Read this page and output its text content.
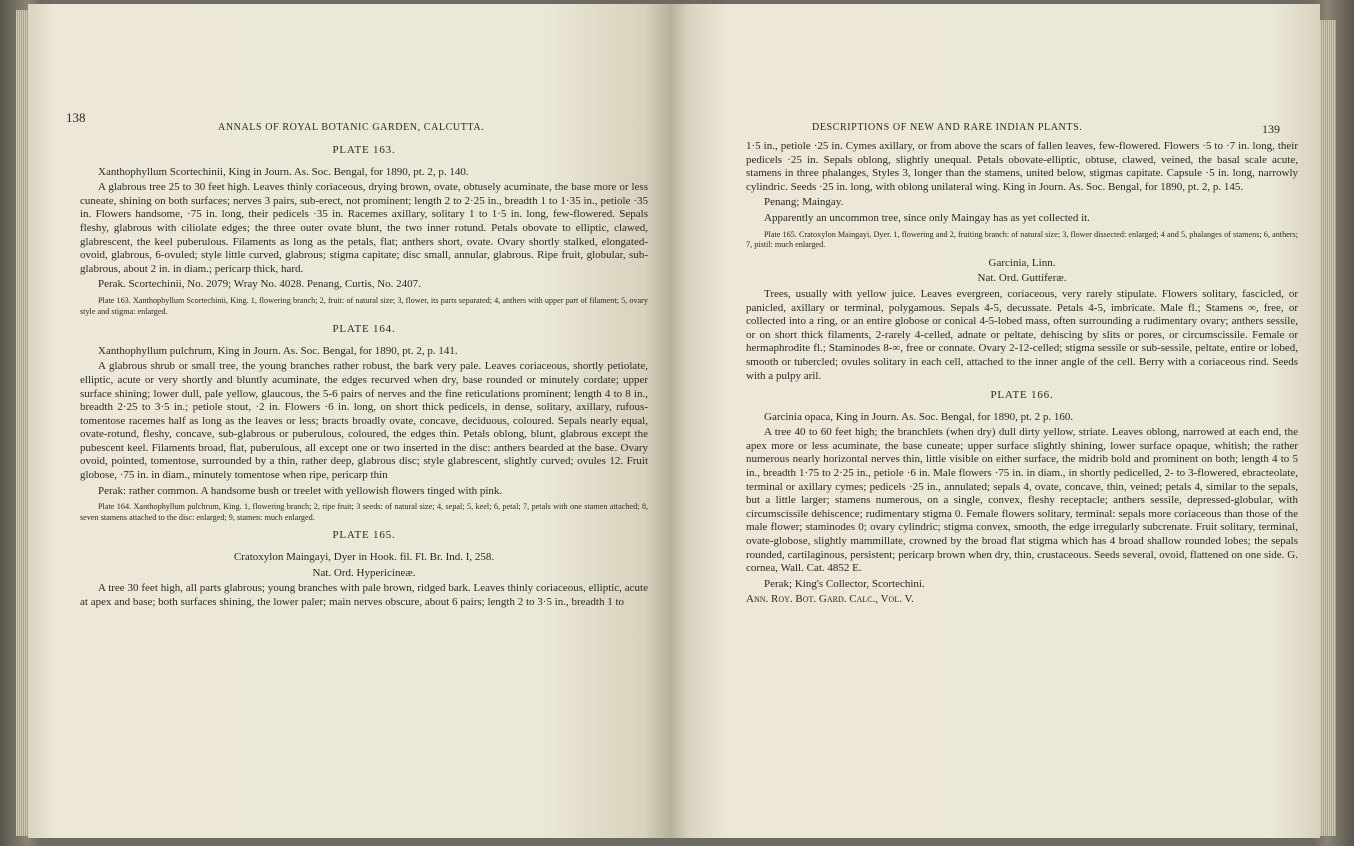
138
ANNALS OF ROYAL BOTANIC GARDEN, CALCUTTA.

PLATE 163.

Xanthophyllum Scortechinii, King in Journ. As. Soc. Bengal, for 1890, pt. 2, p. 140.

A glabrous tree 25 to 30 feet high. Leaves thinly coriaceous, drying brown, ovate, obtusely acuminate, the base more or less cuneate, shining on both surfaces; nerves 3 pairs, sub-erect, not prominent; length 2 to 2·25 in., breadth 1 to 1·35 in., petiole ·35 in. Flowers handsome, ·75 in. long, their pedicels ·35 in. Racemes axillary, solitary 1 to 1·5 in. long, few-flowered. Sepals fleshy, glabrous with ciliolate edges; the three outer ovate blunt, the two inner rotund. Petals obovate to elliptic, clawed, glabrescent, the keel puberulous. Filaments as long as the petals, flat; anthers short, ovate. Ovary shortly stalked, elongated-ovoid, glabrous, 6-ovuled; style little curved, glabrous; stigma capitate; disc small, annular, glabrous. Ripe fruit, globular, sub-glabrous, about 2 in. in diam.; pericarp thick, hard.

Perak. Scortechinii, No. 2079; Wray No. 4028. Penang, Curtis, No. 2407.

Plate 163. Xanthophyllum Scortechinii, King. 1, flowering branch; 2, fruit: of natural size; 3, flower, its parts separated; 4, anthers with upper part of filament; 5, ovary style and stigma: enlarged.

PLATE 164.

Xanthophyllum pulchrum, King in Journ. As. Soc. Bengal, for 1890, pt. 2, p. 141.

A glabrous shrub or small tree, the young branches rather robust, the bark very pale. Leaves coriaceous, shortly petiolate, elliptic, acute or very shortly and bluntly acuminate, the edges recurved when dry, base rounded or minutely cordate; upper surface shining; lower dull, pale yellow, glaucous, the 5-6 pairs of nerves and the fine reticulations prominent; length 4 to 8 in., breadth 2·25 to 3·5 in.; petiole stout, ·2 in. Flowers ·6 in. long, on short thick pedicels, in dense, solitary, axillary, rufous-tomentose racemes half as long as the leaves or less; bracts broadly ovate, concave, deciduous, coloured. Sepals nearly equal, ovate-rotund, fleshy, concave, sub-glabrous or puberulous, coloured, the edges thin. Petals oblong, blunt, glabrous except the pubescent keel. Filaments broad, flat, puberulous, all except one or two inserted in the disc: anthers bearded at the base. Ovary ovoid, pointed, tomentose, surrounded by a thin, rather deep, glabrous disc; style glabrescent, slightly curved; ovules 12. Fruit globose, ·75 in. in diam., minutely tomentose when ripe, pericarp thin

Perak: rather common. A handsome bush or treelet with yellowish flowers tinged with pink.

Plate 164. Xanthophyllum pulchrum, King. 1, flowering branch; 2, ripe fruit; 3 seeds: of natural size; 4, sepal; 5, keel; 6, petal; 7, petals with one stamen attached; 8, seven stamens attached to the disc: enlarged; 9, stamen: much enlarged.

PLATE 165.

Cratoxylon Maingayi, Dyer in Hook. fil. Fl. Br. Ind. I, 258.

Nat. Ord. Hypericineæ.

A tree 30 feet high, all parts glabrous; young branches with pale brown, ridged bark. Leaves thinly coriaceous, elliptic, acute at apex and base; both surfaces shining, the lower paler; main nerves obscure, about 6 pairs; length 2 to 3·5 in., breadth 1 to

DESCRIPTIONS OF NEW AND RARE INDIAN PLANTS.	139

1·5 in., petiole ·25 in. Cymes axillary, or from above the scars of fallen leaves, few-flowered. Flowers ·5 to ·7 in. long, their pedicels ·25 in. Sepals oblong, slightly unequal. Petals obovate-elliptic, obtuse, clawed, veined, the basal scale acute, stamens in three phalanges, Styles 3, longer than the stamens, united below, stigmas capitate. Capsule ·5 in. long, narrowly cylindric. Seeds ·25 in. long, with oblong unilateral wing. King in Journ. As. Soc. Bengal, for 1890, pt. 2, p. 145.

Penang; Maingay.

Apparently an uncommon tree, since only Maingay has as yet collected it.

Plate 165. Cratoxylon Maingayi, Dyer. 1, flowering and 2, fruiting branch: of natural size; 3, flower dissected: enlarged; 4 and 5, phalanges of stamens; 6, anthers; 7, pistil: much enlarged.

Garcinia, Linn.

Nat. Ord. Guttiferæ.

Trees, usually with yellow juice. Leaves evergreen, coriaceous, very rarely stipulate. Flowers solitary, fascicled, or panicled, axillary or terminal, polygamous. Sepals 4-5, decussate. Petals 4-5, imbricate. Male fl.; Stamens ∞, free, or collected into a ring, or an entire globose or conical 4-5-lobed mass, often surrounding a rudimentary ovary; anthers sessile, or on short thick filaments, 2-rarely 4-celled, adnate or peltate, dehiscing by slits or pores, or circumscissile. Female or hermaphrodite fl.; Staminodes 8-∞, free or connate. Ovary 2-12-celled; stigma sessile or sub-sessile, peltate, entire or lobed, smooth or tubercled; ovules solitary in each cell, attached to the inner angle of the cell. Berry with a coriaceous rind. Seeds with a pulpy aril.

PLATE 166.

Garcinia opaca, King in Journ. As. Soc. Bengal, for 1890, pt. 2 p. 160.

A tree 40 to 60 feet high; the branchlets (when dry) dull dirty yellow, striate. Leaves oblong, narrowed at each end, the apex more or less acuminate, the base cuneate; upper surface slightly shining, lower surface opaque, whitish; the rather numerous nearly horizontal nerves thin, little visible on either surface, the midrib bold and prominent on both; length 4 to 5 in., breadth 1·75 to 2·25 in., petiole ·6 in. Male flowers ·75 in. in diam., in shortly pedicelled, 2- to 3-flowered, ebracteolate, terminal or axillary cymes; pedicels ·25 in., annulated; sepals 4, ovate, concave, thin, veined; petals 4, similar to the sepals, but a little larger; stamens numerous, on a single, convex, fleshy receptacle; anthers sessile, depressed-globular, with circumscissile dehiscence; rudimentary stigma 0. Female flowers solitary, terminal: sepals more coriaceous than those of the male flower; staminodes 0; ovary cylindric; stigma convex, smooth, the edge irregularly subcrenate. Fruit solitary, terminal, ovate-globose, slightly mammillate, crowned by the broad flat stigma which has 4 broad shallow rounded lobes; the sepals rounded, cartilaginous, persistent; pericarp brown when dry, thin, crustaceous. Seeds several, ovoid, flattened on one side. G. cornea, Wall. Cat. 4852 E.

Perak; King's Collector, Scortechini.

Ann. Roy. Bot. Gard. Calc., Vol. V.
